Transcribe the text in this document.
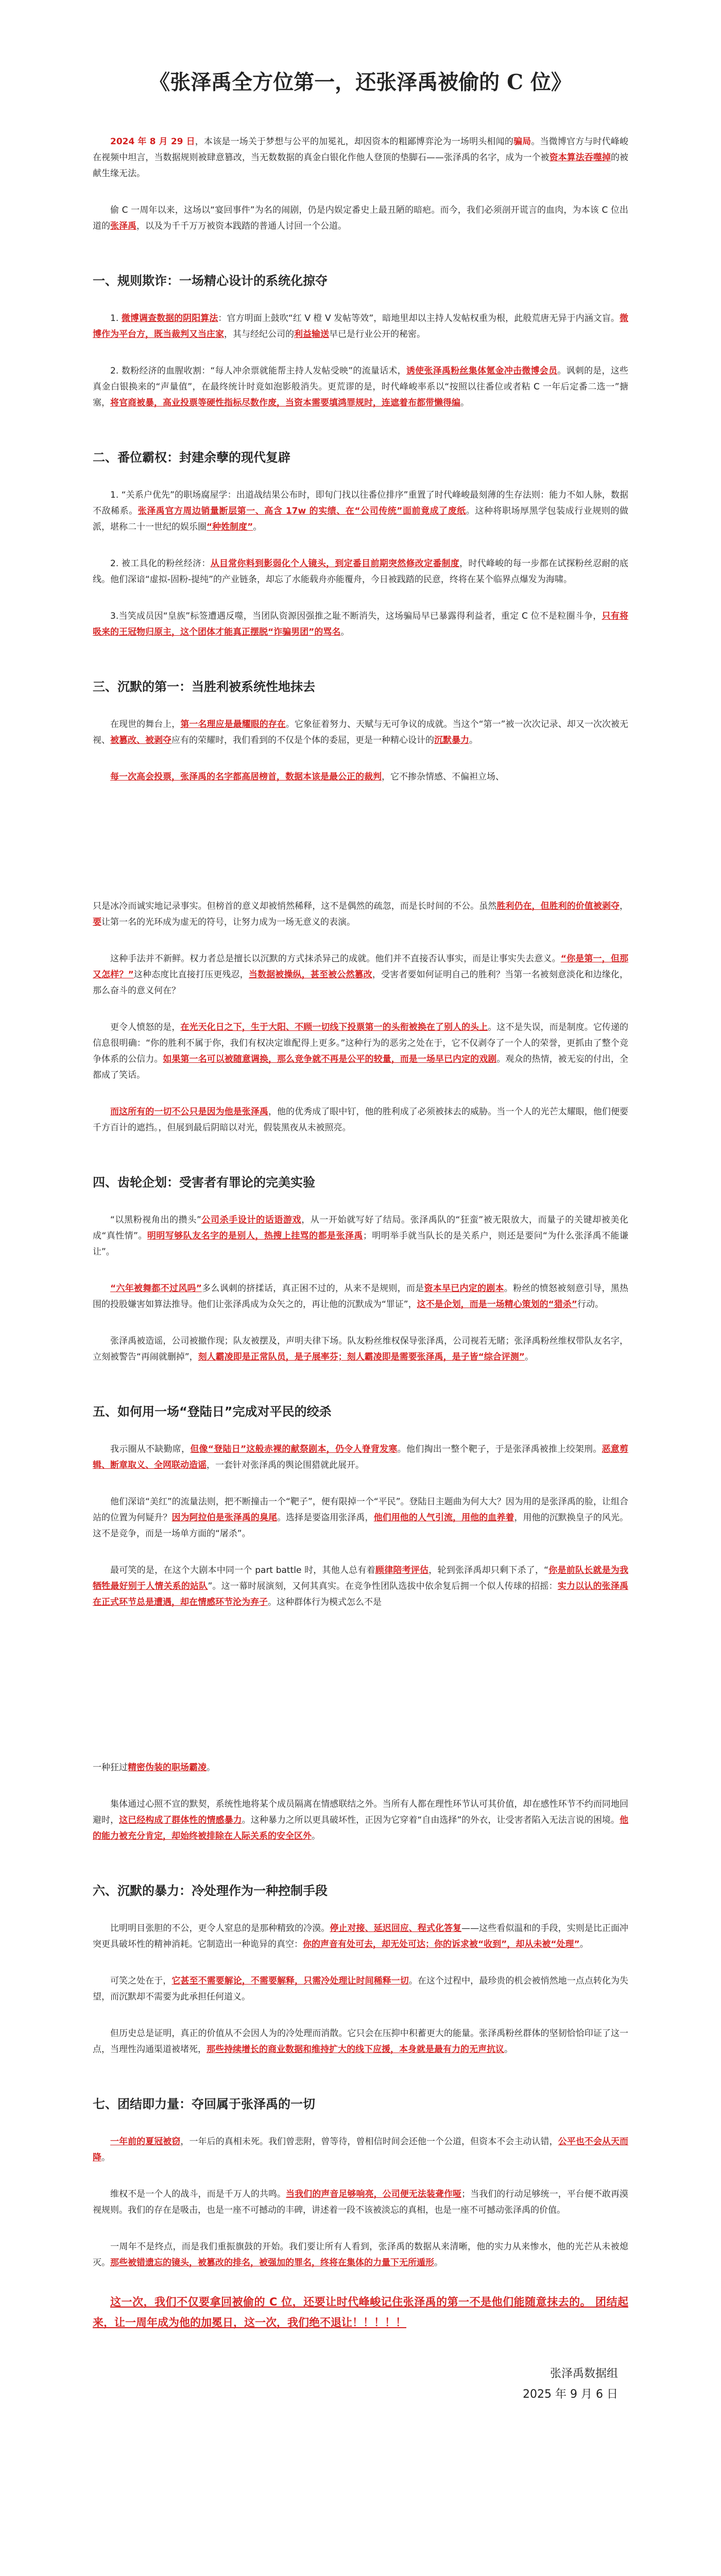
《张泽禹全方位第一，还张泽禹被偷的 C 位》

2024 年 8 月 29 日，本该是一场关于梦想与公平的加冕礼，却因资本的粗鄙博弈沦为一场明头相闻的骗局。当微博官方与时代峰峻在视频中坦言，当数据规则被肆意篡改，当无数数据的真金白银化作他人登顶的垫脚石——张泽禹的名字，成为一个被资本算法吞噬掉的被献生缘无法。

偷 C 一周年以来，这场以“宴回事件”为名的闹剧，仍是内娱定番史上最丑陋的暗疤。而今，我们必须剖开谎言的血肉，为本该 C 位出道的张泽禹，以及为千千万万被资本践踏的普通人讨回一个公道。

一、规则欺诈：一场精心设计的系统化掠夺

1. 微博调查数据的阴阳算法：官方明面上鼓吹“红 V 橙 V 发帖等效”，暗地里却以主持人发帖权重为根，此般荒唐无异于内涵文盲。微博作为平台方，既当裁判又当庄家，其与经纪公司的利益输送早已是行业公开的秘密。

2. 数粉经济的血腥收割：“每人冲余票就能帮主持人发帖受映”的流量话术，诱使张泽禹粉丝集体氪金冲击微博会员。讽刺的是，这些真金白银换来的“声量值”，在最终统计时竟如泡影般消失。更荒谬的是，时代峰峻率系以“按照以往番位或者粘 C 一年后定番二选一”搪塞，将官商被暴，高业投票等硬性指标尽数作废，当资本需要填鸿罪规时，连遮着布都带懒得编。

二、番位霸权：封建余孽的现代复辟

1. “关系户优先”的职场腐屋学：出道战结果公布时，即旬门找以往番位排序”重置了时代峰峻最刻薄的生存法则：能力不如人脉，数据不敌稀系。张泽禹官方周边销量断层第一、高含 17w 的实绩、在“公司传统”面前竟成了废纸。这种将职场厚黑学包装成行业规则的做派，堪称二十一世纪的娱乐圈“种姓制度”。

2. 被工具化的粉丝经济：从目常你料到影弱化个人镜头，到定番目前期突然修改定番制度，时代峰峻的每一步都在试探粉丝忍耐的底线。他们深谙“虚拟-固粉-提纯”的产业链条，却忘了水能载舟亦能覆舟，今日被践踏的民意，终将在某个临界点爆发为海啸。

3.当笑成员因“皇族”标签遭遇反噬，当团队资源因强推之耻不断消失，这场骗局早已暴露得利益者，重定 C 位不是粒圈斗争，只有将吸来的王冠物归原主，这个团体才能真正摆脱“诈骗男团”的骂名。

三、沉默的第一：当胜利被系统性地抹去

在现世的舞台上，第一名理应是最耀眼的存在。它象征着努力、天赋与无可争议的成就。当这个“第一”被一次次记录、却又一次次被无视、被篡改、被剥夺应有的荣耀时，我们看到的不仅是个体的委屈，更是一种精心设计的沉默暴力。

每一次高会投票，张泽禹的名字都高居榜首，数据本该是最公正的裁判，它不掺杂情感、不偏袒立场、

只是冰冷而诚实地记录事实。但榜首的意义却被悄然稀释，这不是偶然的疏忽，而是长时间的不公。虽然胜利仍在，但胜利的价值被剥夺，要让第一名的光环成为虚无的符号，让努力成为一场无意义的表演。

这种手法并不新鲜。权力者总是擅长以沉默的方式抹杀异己的成就。他们并不直接否认事实，而是让事实失去意义。“你是第一，但那又怎样？”这种态度比直接打压更残忍，当数据被操纵，甚至被公然篡改，受害者要如何证明自己的胜利？当第一名被刻意淡化和边缘化，那么奋斗的意义何在？

更令人愤怒的是，在光天化日之下，生于大阳、不顾一切线下投票第一的头衔被换在了别人的头上。这不是失误，而是制度。它传递的信息很明确：“你的胜利不属于你，我们有权决定谁配得上更多。”这种行为的恶劣之处在于，它不仅剥夺了一个人的荣誉，更抓由了整个竞争体系的公信力。如果第一名可以被随意调换，那么竞争就不再是公平的较量，而是一场早已内定的戏剧。观众的热情，被无妄的付出，全都成了笑话。

而这所有的一切不公只是因为他是张泽禹，他的优秀成了眼中钉，他的胜利成了必须被抹去的威胁。当一个人的光芒太耀眼，他们便要千方百计的遮挡。，但展到最后阴暗以对光，假装黑夜从未被照亮。

四、齿轮企划：受害者有罪论的完美实验

“以黑粉视角出的攒头”公司杀手设计的话语游戏，从一开始就写好了结局。张泽禹队的“狂蛮”被无限放大，而量子的关键却被美化成“真性情”。明明写够队友名字的是别人，热搜上挂骂的都是张泽禹；明明举手就当队长的是关系户，则还是要问“为什么张泽禹不能谦让”。

“六年被舞都不过风吗”多么讽刺的挤揉话，真正困不过的，从来不是规则，而是资本早已内定的剧本。粉丝的愤怒被刻意引导，黑热围的投股嫌害如算法推导。他们让张泽禹成为众矢之的，再让他的沉默成为“罪证”，这不是企划，而是一场精心策划的“猎杀”行动。

张泽禹被造谣，公司被撤作现；队友被摆及，声明夫律下场。队友粉丝维权保导张泽禹，公司视若无睹；张泽禹粉丝维权带队友名字，立刻被警告“再闹就删掉”，刻人霸凌即是正常队员，是子展率芬；刻人霸凌即是需要张泽禹，是子皆“综合评测”。

五、如何用一场“登陆日”完成对平民的绞杀

我示圈从不缺勤席，但像“登陆日”这般赤裸的献祭剧本，仍令人脊背发寒。他们掏出一整个靶子，于是张泽禹被推上绞架刑。恶意剪辑、断章取义、全网联动造谣，一套针对张泽禹的舆论围猎就此展开。

他们深谙“美红”的流量法则，把不断撞击一个“靶子”，便有限掉一个“平民”。登陆日主题曲为何大大？因为用的是张泽禹的脸，让组合站的位置为何疑升？因为阿拉伯是张泽禹的臭尾。选择是要盗用张泽禹，他们用他的人气引流，用他的血养着，用他的沉默换皇子的风光。这不是竞争，而是一场单方面的“屠杀”。

最可笑的是，在这个大剧本中同一个 part battle 时，其他人总有着顾律陪考评估，轮到张泽禹却只剩下杀了，“你是前队长就是为我牺牲最好别于人情关系的站队”。这一幕时展演刻，又何其真实。在竞争性团队选拔中依余复后拥一个似人传球的招摇：实力以认的张泽禹在正式环节总是遭遇，却在情感环节沦为弃子。这种群体行为模式怎么不是

一种狂过精密伪装的职场霸凌。

集体通过心照不宣的默契，系统性地将某个成员隔离在情感联结之外。当所有人都在理性环节认可其价值，却在感性环节不约而同地回避时，这已经构成了群体性的情感暴力。这种暴力之所以更具破坏性，正因为它穿着“自由选择”的外衣，让受害者陷入无法言说的困境。他的能力被充分肯定，却始终被排除在人际关系的安全区外。

六、沉默的暴力：冷处理作为一种控制手段

比明明目张胆的不公，更令人窒息的是那种精致的冷漠。停止对接、延迟回应、程式化答复——这些看似温和的手段，实则是比正面冲突更具破坏性的精神消耗。它制造出一种诡异的真空：你的声音有处可去，却无处可达；你的诉求被“收到”，却从未被“处理”。

可笑之处在于，它甚至不需要解论，不需要解释，只需冷处理让时间稀释一切。在这个过程中，最珍贵的机会被悄然地一点点转化为失望，而沉默却不需要为此承担任何道义。

但历史总是证明，真正的价值从不会因人为的冷处理而消散。它只会在压抑中积蓄更大的能量。张泽禹粉丝群体的坚韧恰恰印证了这一点，当理性沟通渠道被堵死，那些持续增长的商业数据和维持扩大的线下应援，本身就是最有力的无声抗议。

七、团结即力量：夺回属于张泽禹的一切

一年前的夏冠被窃，一年后的真相未死。我们曾悲附，曾等待，曾相信时间会还他一个公道，但资本不会主动认错，公平也不会从天而降。

维权不是一个人的战斗，而是千万人的共鸣。当我们的声音足够响亮，公司便无法装聋作哑；当我们的行动足够统一，平台便不敢再漠视规则。我们的存在是吸击，也是一座不可撼动的丰碑，讲述着一段不该被淡忘的真相，也是一座不可撼动张泽禹的价值。

一周年不是终点，而是我们重振旗鼓的开始。我们要让所有人看到，张泽禹的数据从来清晰，他的实力从来惨水，他的光芒从未被熄灭。那些被错遗忘的镜头，被篡改的排名，被强加的罪名，终将在集体的力量下无所遁形。

这一次，我们不仅要拿回被偷的 C 位，还要让时代峰峻记住张泽禹的第一不是他们能随意抹去的。 团结起来，让一周年成为他的加冕日，这一次，我们绝不退让！！！！！

张泽禹数据组

2025 年 9 月 6 日
